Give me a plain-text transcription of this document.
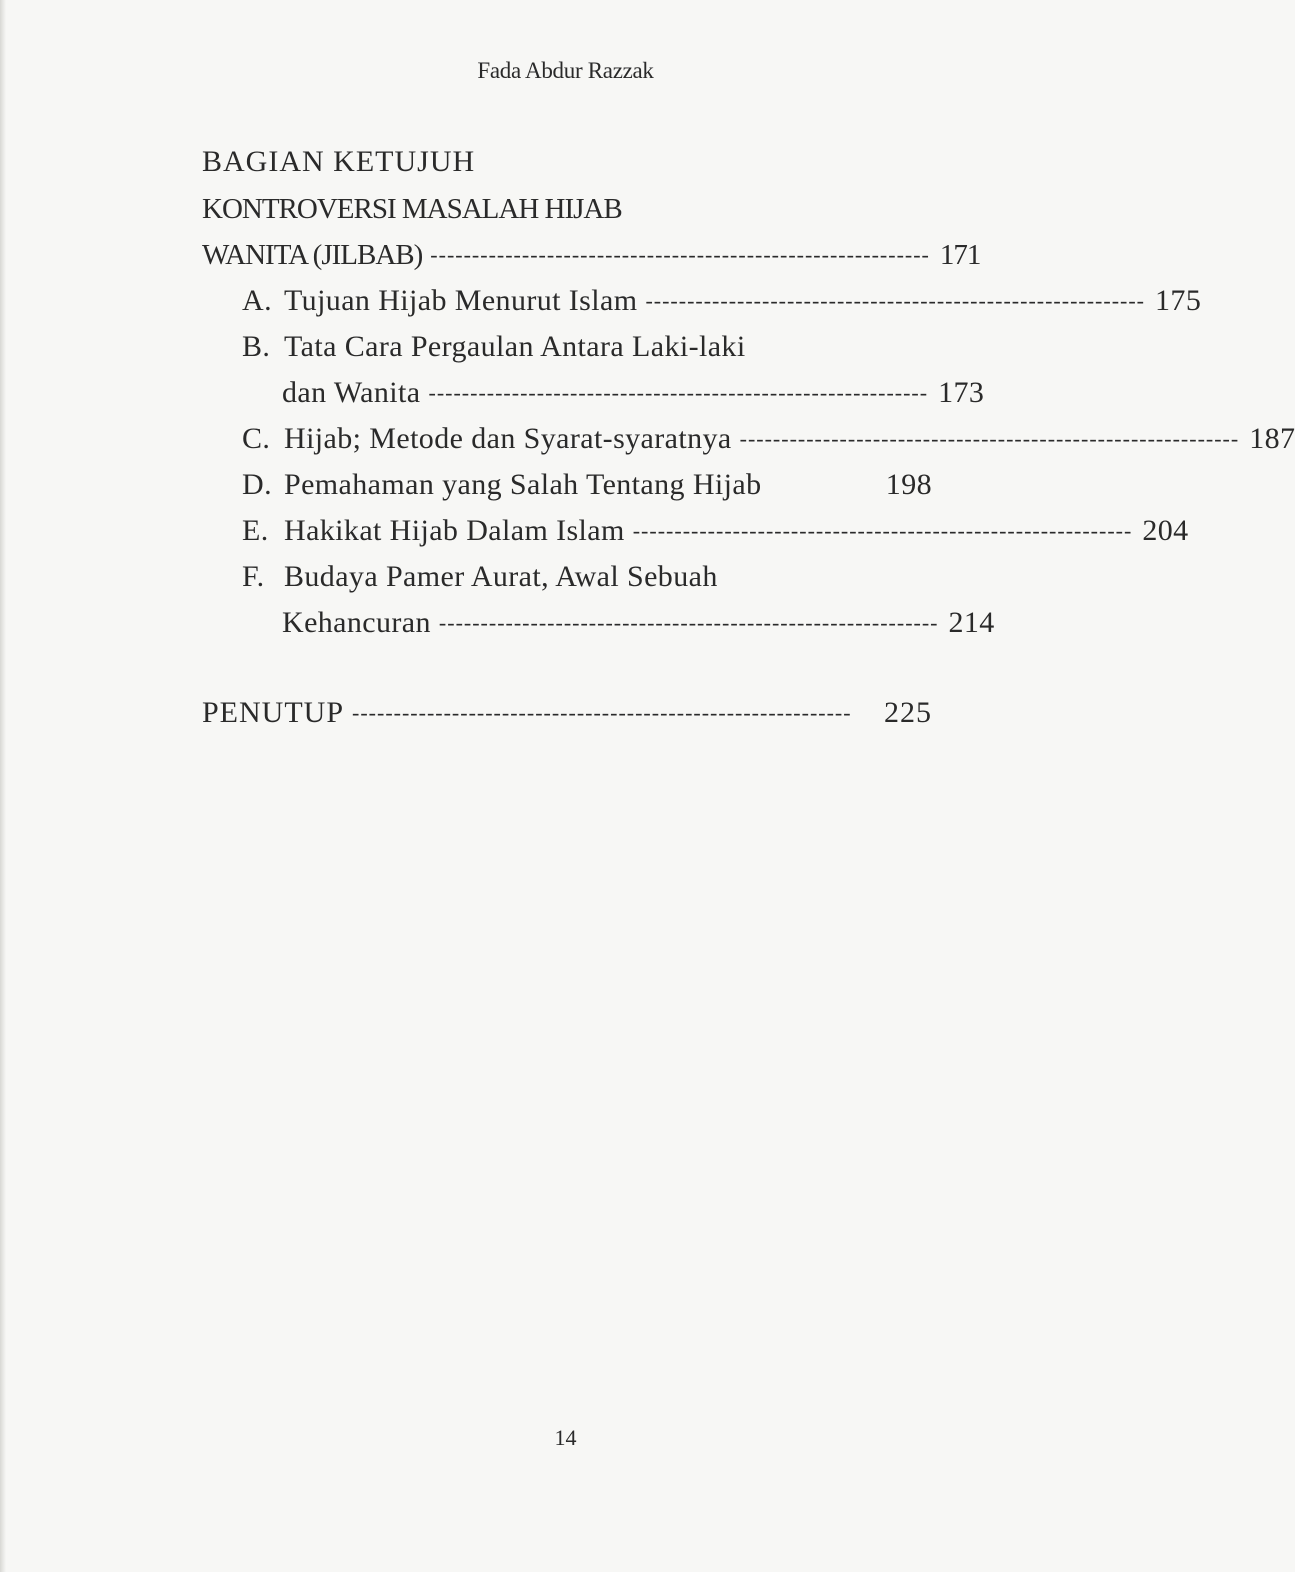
Fada Abdur Razzak
BAGIAN KETUJUH
KONTROVERSI MASALAH HIJAB
WANITA (JILBAB) ------------------------------------------------------------ 171
A. Tujuan Hijab Menurut Islam ------------------------------------------------------------ 175
B. Tata Cara Pergaulan Antara Laki-laki
dan Wanita ------------------------------------------------------------ 173
C. Hijab; Metode dan Syarat-syaratnya ------------------------------------------------------------ 187
D. Pemahaman yang Salah Tentang Hijab	198
E. Hakikat Hijab Dalam Islam ------------------------------------------------------------ 204
F. Budaya Pamer Aurat, Awal Sebuah
Kehancuran ------------------------------------------------------------ 214
PENUTUP ------------------------------------------------------------	225
14
